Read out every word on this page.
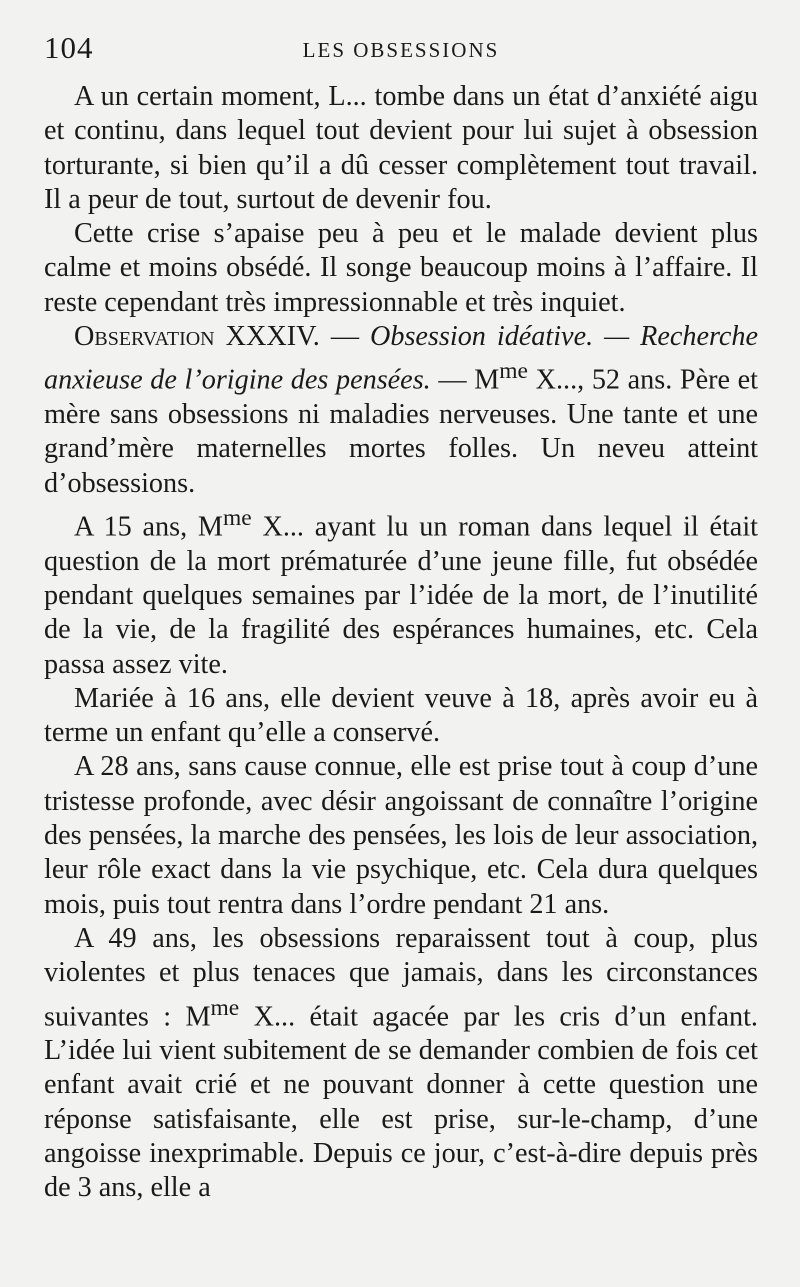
104	LES OBSESSIONS

A un certain moment, L... tombe dans un état d’anxiété aigu et continu, dans lequel tout devient pour lui sujet à obsession torturante, si bien qu’il a dû cesser complètement tout travail. Il a peur de tout, surtout de devenir fou.

Cette crise s’apaise peu à peu et le malade devient plus calme et moins obsédé. Il songe beaucoup moins à l’affaire. Il reste cependant très impressionnable et très inquiet.

Observation XXXIV. — Obsession idéative. — Recherche anxieuse de l’origine des pensées. — $M^{me}$ X..., 52 ans. Père et mère sans obsessions ni maladies nerveuses. Une tante et une grand’mère maternelles mortes folles. Un neveu atteint d’obsessions.

A 15 ans, $M^{me}$ X... ayant lu un roman dans lequel il était question de la mort prématurée d’une jeune fille, fut obsédée pendant quelques semaines par l’idée de la mort, de l’inutilité de la vie, de la fragilité des espérances humaines, etc. Cela passa assez vite.

Mariée à 16 ans, elle devient veuve à 18, après avoir eu à terme un enfant qu’elle a conservé.

A 28 ans, sans cause connue, elle est prise tout à coup d’une tristesse profonde, avec désir angoissant de connaître l’origine des pensées, la marche des pensées, les lois de leur association, leur rôle exact dans la vie psychique, etc. Cela dura quelques mois, puis tout rentra dans l’ordre pendant 21 ans.

A 49 ans, les obsessions reparaissent tout à coup, plus violentes et plus tenaces que jamais, dans les circonstances suivantes : $M^{me}$ X... était agacée par les cris d’un enfant. L’idée lui vient subitement de se demander combien de fois cet enfant avait crié et ne pouvant donner à cette question une réponse satisfaisante, elle est prise, sur-le-champ, d’une angoisse inexprimable. Depuis ce jour, c’est-à-dire depuis près de 3 ans, elle a
